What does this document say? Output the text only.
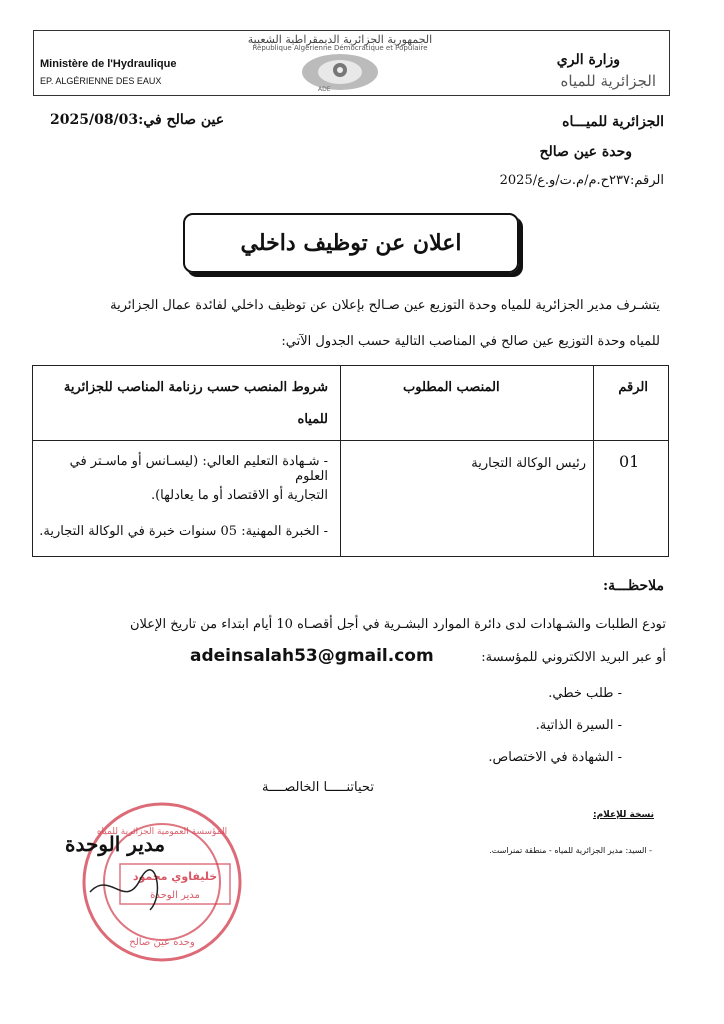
الجمهورية الجزائرية الديمقراطية الشعبية
République Algérienne Démocratique et Populaire
Ministère de l'Hydraulique
EP. ALGÉRIENNE DES EAUX
وزارة الري
الجزائرية للمياه
ADE
الجزائرية للميـــاه
عين صالح في:2025/08/03
وحدة عين صالح
الرقم:٢٣٧ح.م/م.ت/و.ع/2025
اعلان عن توظيف داخلي
يتشـرف مدير الجزائرية للمياه وحدة التوزيع عين صـالح بإعلان عن توظيف داخلي لفائدة عمال الجزائرية
للمياه وحدة التوزيع عين صالح في المناصب التالية حسب الجدول الآتي:
الرقم
المنصب المطلوب
شروط المنصب حسب رزنامة المناصب للجزائرية
للمياه
01
رئيس الوكالة التجارية
- شـهادة التعليم العالي: (ليسـانس أو ماسـتر في العلوم
التجارية أو الاقتصاد أو ما يعادلها).
- الخبرة المهنية: 05 سنوات خبرة في الوكالة التجارية.
ملاحظـــة:
تودع الطلبات والشـهادات لدى دائرة الموارد البشـرية في أجل أقصـاه 10 أيام ابتداء من تاريخ الإعلان
أو عبر البريد الالكتروني للمؤسسة:
adeinsalah53@gmail.com
- طلب خطي.
- السيرة الذاتية.
- الشهادة في الاختصاص.
تحياتنـــــا الخالصــــة
نسخة للإعلام:
- السيد: مدير الجزائرية للمياه - منطقة تمنراست.
المؤسسة العمومية الجزائرية للمياه
وحدة عين صالح
خليفاوي محمود
مدير الوحدة
مدير الوحدة
